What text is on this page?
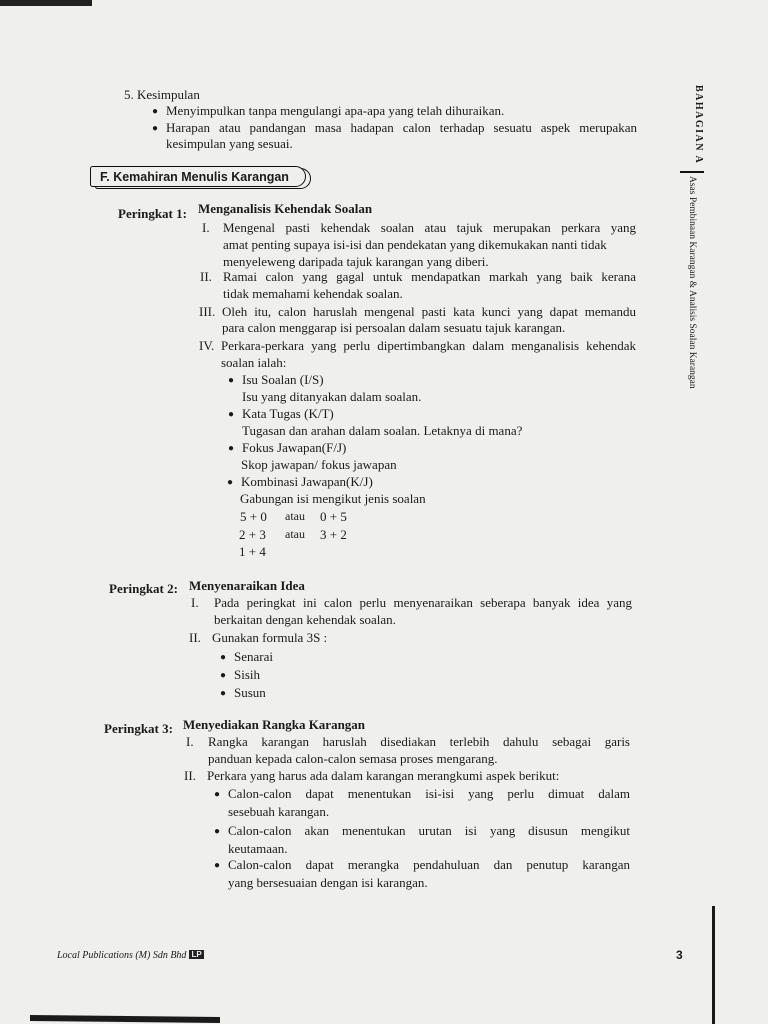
BAHAGIAN A
Asas Pembinaan Karangan & Analisis Soalan Karangan
5. Kesimpulan
● Menyimpulkan tanpa mengulangi apa-apa yang telah dihuraikan.
● Harapan atau pandangan masa hadapan calon terhadap sesuatu aspek merupakan
kesimpulan yang sesuai.
F. Kemahiran Menulis Karangan
Peringkat 1: Menganalisis Kehendak Soalan
I. Mengenal pasti kehendak soalan atau tajuk merupakan perkara yang
amat penting supaya isi-isi dan pendekatan yang dikemukakan nanti tidak
menyeleweng daripada tajuk karangan yang diberi.
II. Ramai calon yang gagal untuk mendapatkan markah yang baik kerana
tidak memahami kehendak soalan.
III. Oleh itu, calon haruslah mengenal pasti kata kunci yang dapat memandu
para calon menggarap isi persoalan dalam sesuatu tajuk karangan.
IV. Perkara-perkara yang perlu dipertimbangkan dalam menganalisis kehendak
soalan ialah:
● Isu Soalan (I/S)
Isu yang ditanyakan dalam soalan.
● Kata Tugas (K/T)
Tugasan dan arahan dalam soalan. Letaknya di mana?
● Fokus Jawapan(F/J)
Skop jawapan/ fokus jawapan
● Kombinasi Jawapan(K/J)
Gabungan isi mengikut jenis soalan
5 + 0 atau 0 + 5
2 + 3 atau 3 + 2
1 + 4
Peringkat 2: Menyenaraikan Idea
I. Pada peringkat ini calon perlu menyenaraikan seberapa banyak idea yang
berkaitan dengan kehendak soalan.
II. Gunakan formula 3S :
● Senarai
● Sisih
● Susun
Peringkat 3: Menyediakan Rangka Karangan
I. Rangka karangan haruslah disediakan terlebih dahulu sebagai garis
panduan kepada calon-calon semasa proses mengarang.
II. Perkara yang harus ada dalam karangan merangkumi aspek berikut:
● Calon-calon dapat menentukan isi-isi yang perlu dimuat dalam
sesebuah karangan.
● Calon-calon akan menentukan urutan isi yang disusun mengikut
keutamaan.
● Calon-calon dapat merangka pendahuluan dan penutup karangan
yang bersesuaian dengan isi karangan.
Local Publications (M) Sdn Bhd LP	3
